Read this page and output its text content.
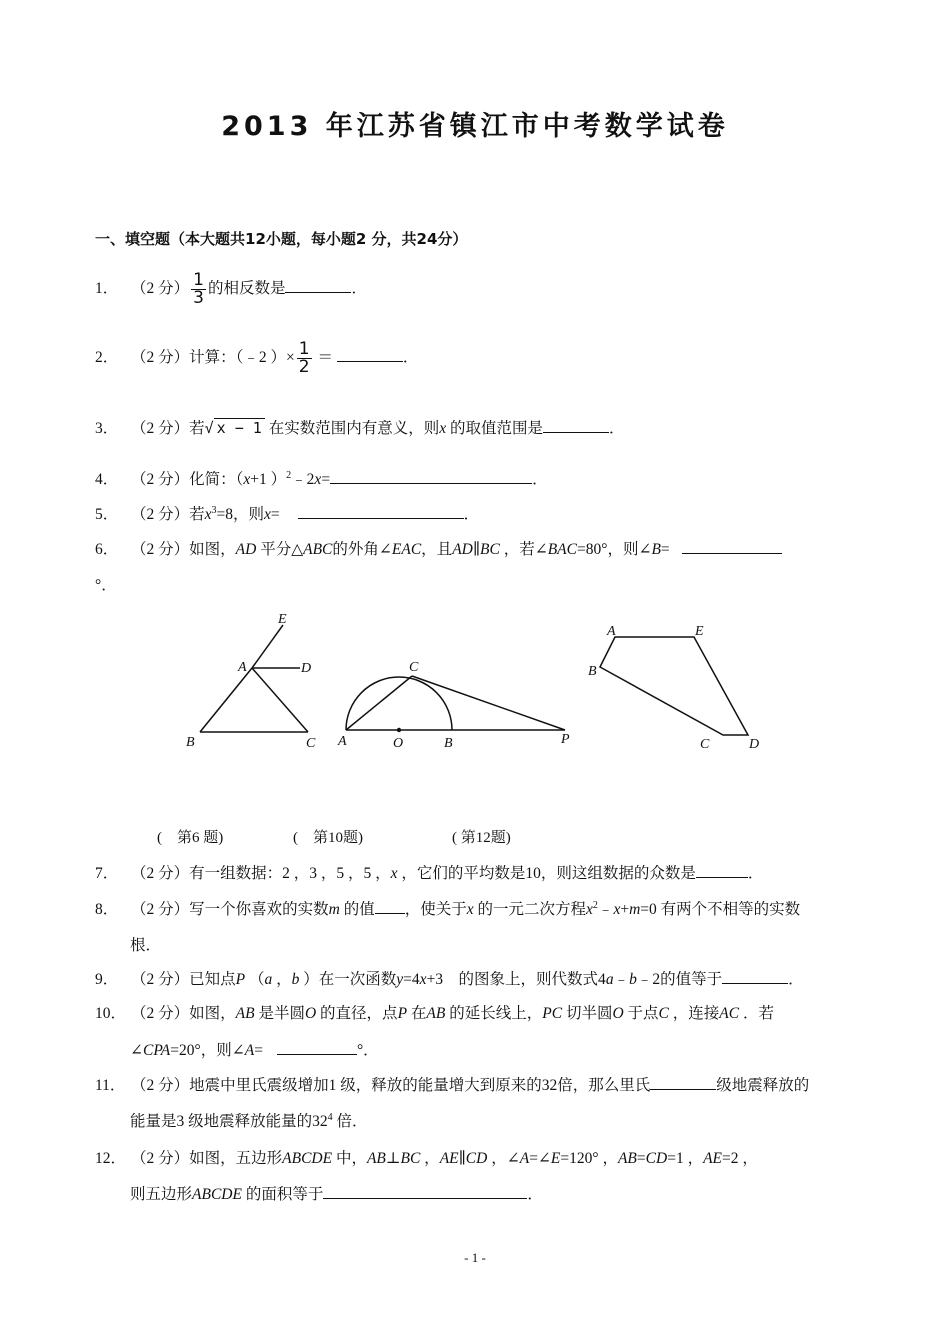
2013 年江苏省镇江市中考数学试卷
一、填空题（本大题共12小题，每小题2 分，共24分）
1． （2 分） $\frac{1}{3}$ 的相反数是	．
2． （2 分）计算：（﹣2 ）× $\frac{1}{2}$ ＝	．
3． （2 分）若√ x − 1 在实数范围内有意义，则x 的取值范围是	．
4． （2 分）化简：（x+1 ）$^2$﹣2x=	．
5． （2 分）若$x^3=8$，则x=	．
6． （2 分）如图，AD 平分△ABC的外角∠EAC，且AD∥BC ，若∠BAC=80°，则∠B=
°．
E
A	D
B	C
C
A	O	B	P
A	E
B
C	D
(　第6 题)	(　第10题)	( 第12题)
7． （2 分）有一组数据：2 ，3 ，5 ，5 ，x ，它们的平均数是10，则这组数据的众数是	．
8． （2 分）写一个你喜欢的实数m 的值 ，使关于x 的一元二次方程$x^2﹣x+m=0$ 有两个不相等的实数
根．
9． （2 分）已知点P （a ，b ）在一次函数y=4x+3　的图象上，则代数式4a﹣b﹣2的值等于	．
10． （2 分）如图，AB 是半圆O 的直径，点P 在AB 的延长线上，PC 切半圆O 于点C ，连接AC ．若
∠CPA=20°，则∠A=	°．
11． （2 分）地震中里氏震级增加1 级，释放的能量增大到原来的32倍，那么里氏	级地震释放的
能量是3 级地震释放能量的$32^4$ 倍．
12． （2 分）如图，五边形ABCDE 中，AB⊥BC ，AE∥CD ，∠A=∠E=120° ，AB=CD=1 ，AE=2 ，
则五边形ABCDE 的面积等于	．
- 1 -
